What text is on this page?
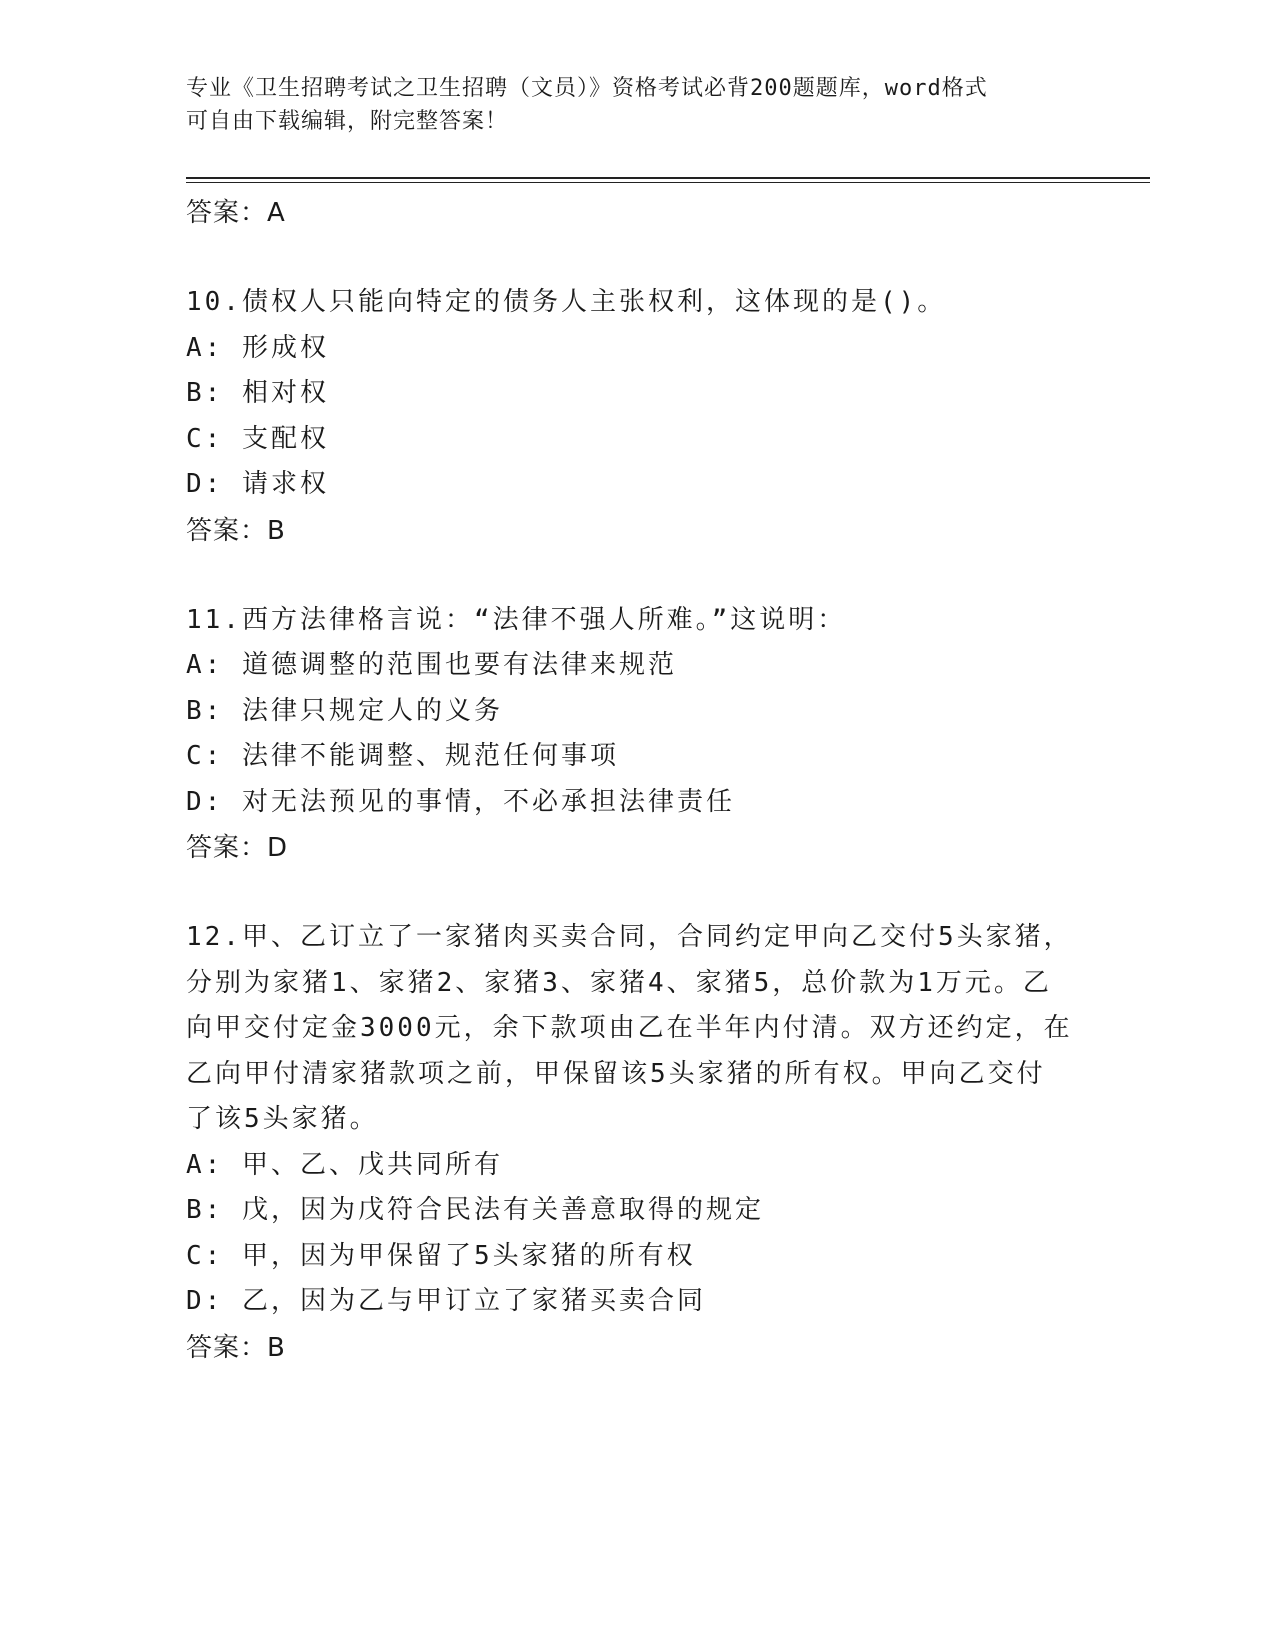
专业《卫生招聘考试之卫生招聘（文员）》资格考试必背200题题库，word格式
可自由下载编辑，附完整答案！
答案：A
10.债权人只能向特定的债务人主张权利，这体现的是()。
A: 形成权
B: 相对权
C: 支配权
D: 请求权
答案：B
11.西方法律格言说：“法律不强人所难。”这说明：
A: 道德调整的范围也要有法律来规范
B: 法律只规定人的义务
C: 法律不能调整、规范任何事项
D: 对无法预见的事情，不必承担法律责任
答案：D
12.甲、乙订立了一家猪肉买卖合同，合同约定甲向乙交付5头家猪，
分别为家猪1、家猪2、家猪3、家猪4、家猪5，总价款为1万元。乙
向甲交付定金3000元，余下款项由乙在半年内付清。双方还约定，在
乙向甲付清家猪款项之前，甲保留该5头家猪的所有权。甲向乙交付
了该5头家猪。
A: 甲、乙、戊共同所有
B: 戊，因为戊符合民法有关善意取得的规定
C: 甲，因为甲保留了5头家猪的所有权
D: 乙，因为乙与甲订立了家猪买卖合同
答案：B
